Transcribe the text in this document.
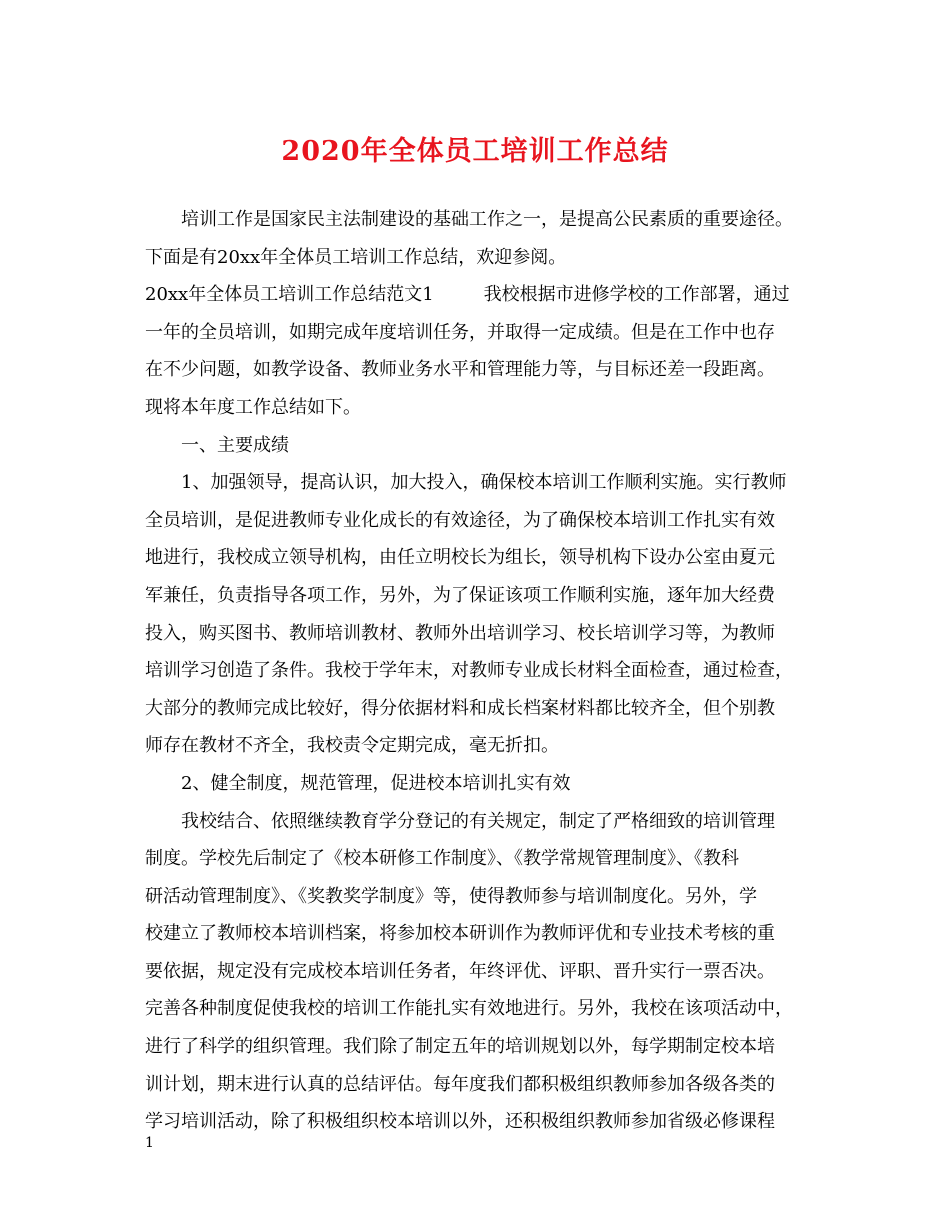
2020年全体员工培训工作总结
培训工作是国家民主法制建设的基础工作之一，是提高公民素质的重要途径。
下面是有20xx年全体员工培训工作总结，欢迎参阅。
20xx年全体员工培训工作总结范文1	我校根据市进修学校的工作部署，通过
一年的全员培训，如期完成年度培训任务，并取得一定成绩。但是在工作中也存
在不少问题，如教学设备、教师业务水平和管理能力等，与目标还差一段距离。
现将本年度工作总结如下。
一、主要成绩
1、加强领导，提高认识，加大投入，确保校本培训工作顺利实施。实行教师
全员培训，是促进教师专业化成长的有效途径，为了确保校本培训工作扎实有效
地进行，我校成立领导机构，由任立明校长为组长，领导机构下设办公室由夏元
军兼任，负责指导各项工作，另外，为了保证该项工作顺利实施，逐年加大经费
投入，购买图书、教师培训教材、教师外出培训学习、校长培训学习等，为教师
培训学习创造了条件。我校于学年末，对教师专业成长材料全面检查，通过检查，
大部分的教师完成比较好，得分依据材料和成长档案材料都比较齐全，但个别教
师存在教材不齐全，我校责令定期完成，毫无折扣。
2、健全制度，规范管理，促进校本培训扎实有效
我校结合、依照继续教育学分登记的有关规定，制定了严格细致的培训管理
制度。学校先后制定了《校本研修工作制度》、《教学常规管理制度》、《教科
研活动管理制度》、《奖教奖学制度》等，使得教师参与培训制度化。另外，学
校建立了教师校本培训档案，将参加校本研训作为教师评优和专业技术考核的重
要依据，规定没有完成校本培训任务者，年终评优、评职、晋升实行一票否决。
完善各种制度促使我校的培训工作能扎实有效地进行。另外，我校在该项活动中，
进行了科学的组织管理。我们除了制定五年的培训规划以外，每学期制定校本培
训计划，期末进行认真的总结评估。每年度我们都积极组织教师参加各级各类的
学习培训活动，除了积极组织校本培训以外，还积极组织教师参加省级必修课程
1
